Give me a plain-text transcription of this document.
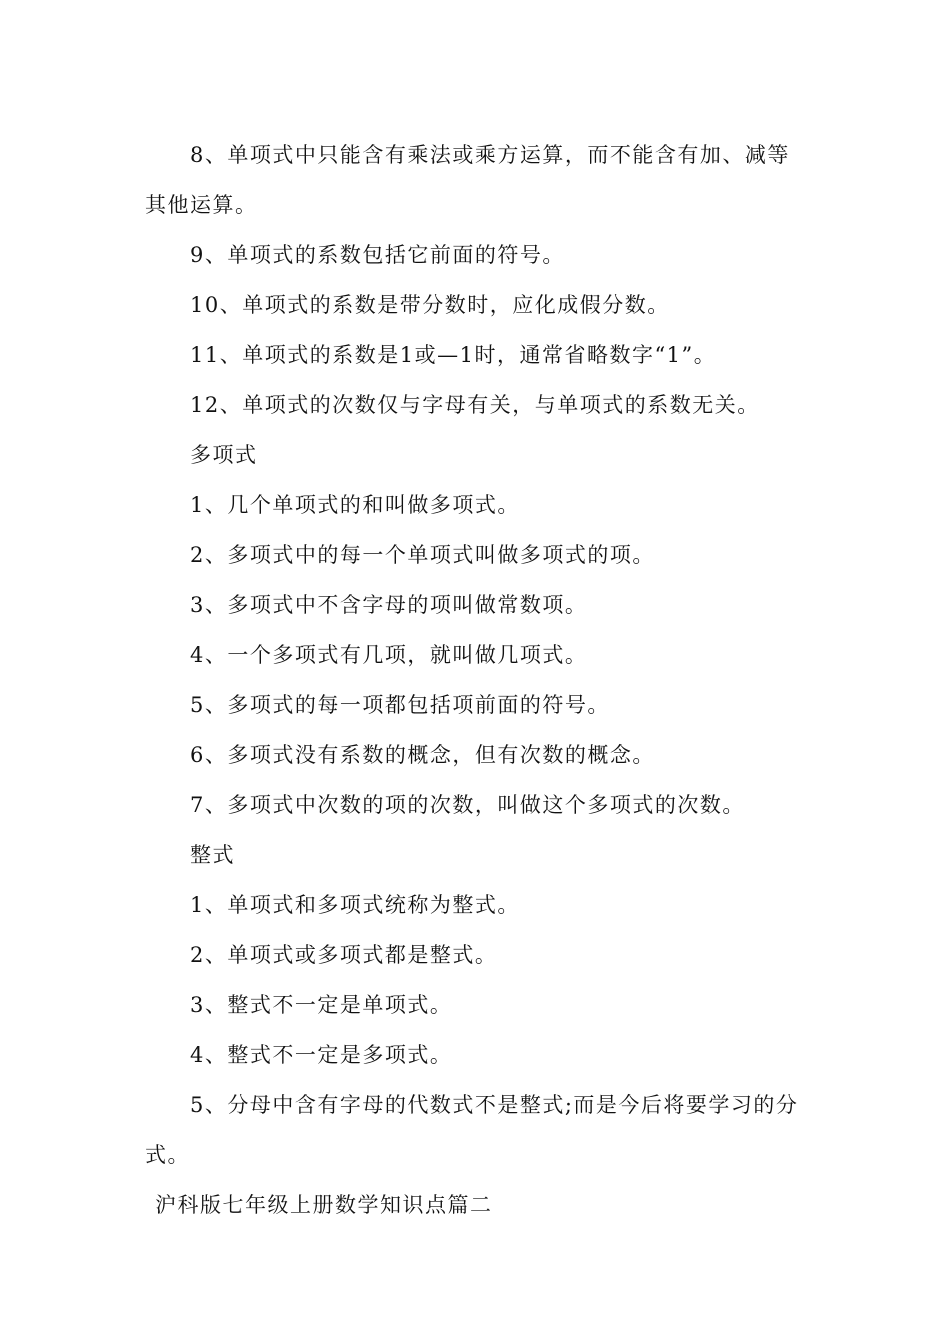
8、单项式中只能含有乘法或乘方运算，而不能含有加、减等其他运算。

9、单项式的系数包括它前面的符号。

10、单项式的系数是带分数时，应化成假分数。

11、单项式的系数是1或—1时，通常省略数字“1”。

12、单项式的次数仅与字母有关，与单项式的系数无关。

多项式

1、几个单项式的和叫做多项式。

2、多项式中的每一个单项式叫做多项式的项。

3、多项式中不含字母的项叫做常数项。

4、一个多项式有几项，就叫做几项式。

5、多项式的每一项都包括项前面的符号。

6、多项式没有系数的概念，但有次数的概念。

7、多项式中次数的项的次数，叫做这个多项式的次数。

整式

1、单项式和多项式统称为整式。

2、单项式或多项式都是整式。

3、整式不一定是单项式。

4、整式不一定是多项式。

5、分母中含有字母的代数式不是整式;而是今后将要学习的分式。

沪科版七年级上册数学知识点篇二
